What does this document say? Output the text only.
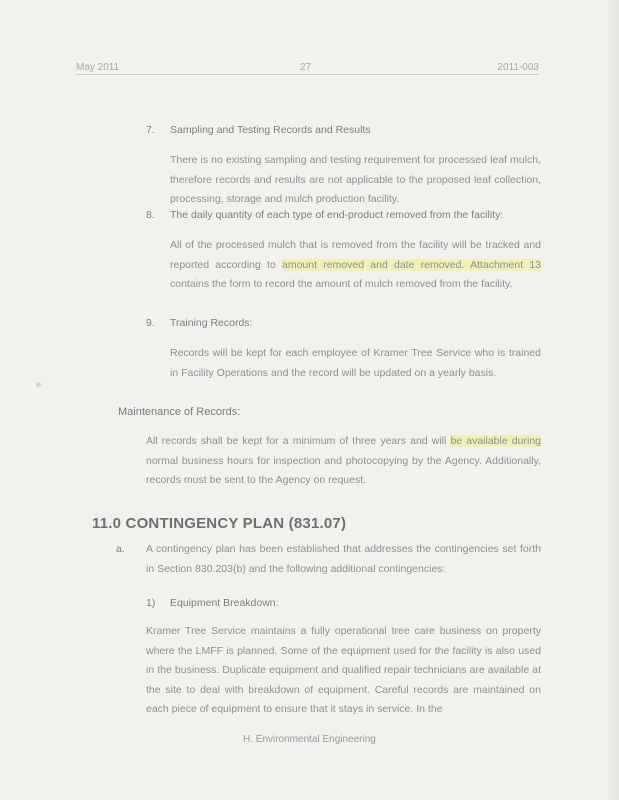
May 2011	27	2011-003
7. Sampling and Testing Records and Results
There is no existing sampling and testing requirement for processed leaf mulch, therefore records and results are not applicable to the proposed leaf collection, processing, storage and mulch production facility.
8. The daily quantity of each type of end-product removed from the facility:
All of the processed mulch that is removed from the facility will be tracked and reported according to amount removed and date removed. Attachment 13 contains the form to record the amount of mulch removed from the facility.
9. Training Records:
Records will be kept for each employee of Kramer Tree Service who is trained in Facility Operations and the record will be updated on a yearly basis.
Maintenance of Records:
All records shall be kept for a minimum of three years and will be available during normal business hours for inspection and photocopying by the Agency. Additionally, records must be sent to the Agency on request.
11.0 CONTINGENCY PLAN (831.07)
a. A contingency plan has been established that addresses the contingencies set forth in Section 830.203(b) and the following additional contingencies:
1) Equipment Breakdown:
Kramer Tree Service maintains a fully operational tree care business on property where the LMFF is planned. Some of the equipment used for the facility is also used in the business. Duplicate equipment and qualified repair technicians are available at the site to deal with breakdown of equipment. Careful records are maintained on each piece of equipment to ensure that it stays in service. In the
H. Environmental Engineering
